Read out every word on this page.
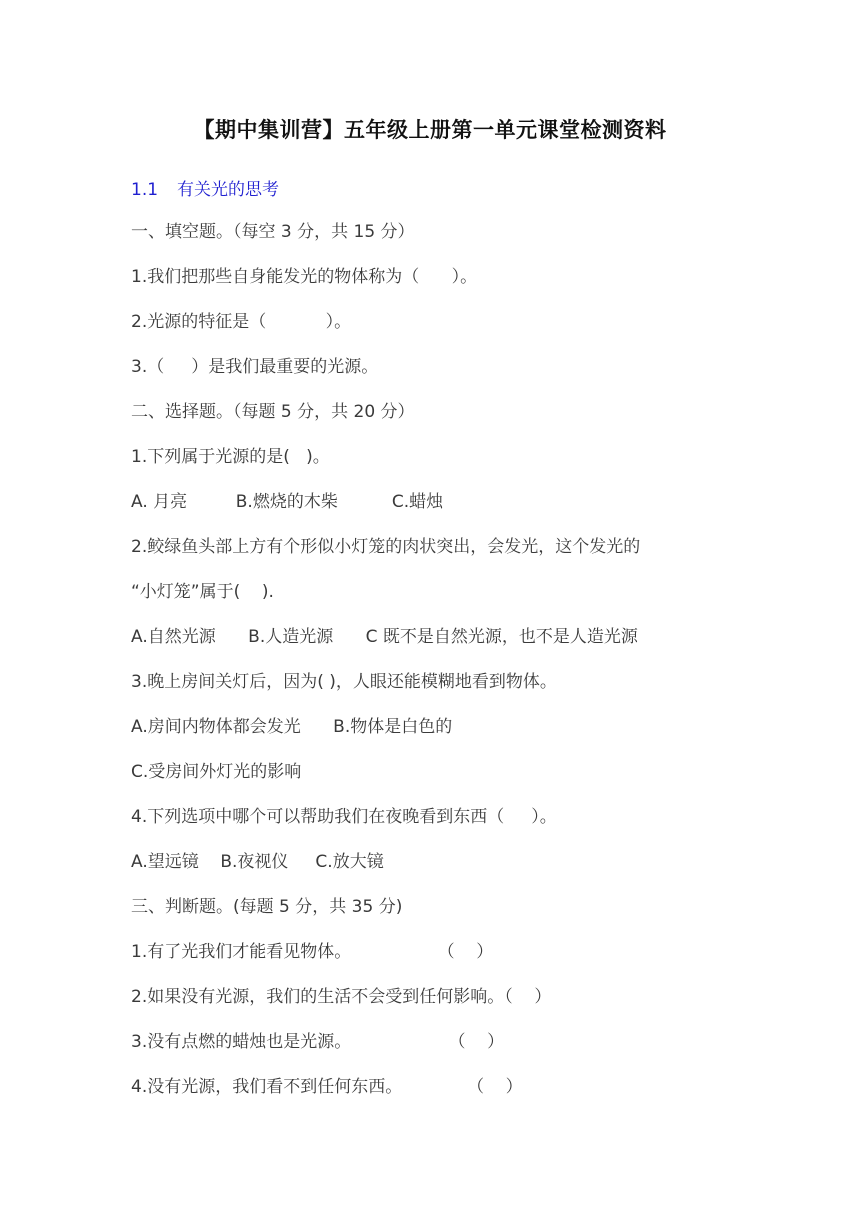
【期中集训营】五年级上册第一单元课堂检测资料
1.1 有关光的思考
一、填空题。（每空 3 分，共 15 分）
1.我们把那些自身能发光的物体称为（      ）。
2.光源的特征是（           ）。
3.（     ）是我们最重要的光源。
二、选择题。（每题 5 分，共 20 分）
1.下列属于光源的是(   )。
A. 月亮         B.燃烧的木柴          C.蜡烛
2.鲛绿鱼头部上方有个形似小灯笼的肉状突出，会发光，这个发光的
“小灯笼”属于(    ).
A.自然光源      B.人造光源      C 既不是自然光源，也不是人造光源
3.晚上房间关灯后，因为( )，人眼还能模糊地看到物体。
A.房间内物体都会发光      B.物体是白色的
C.受房间外灯光的影响
4.下列选项中哪个可以帮助我们在夜晚看到东西（     ）。
A.望远镜    B.夜视仪     C.放大镜
三、判断题。(每题 5 分，共 35 分)
1.有了光我们才能看见物体。                （    ）
2.如果没有光源，我们的生活不会受到任何影响。（    ）
3.没有点燃的蜡烛也是光源。                  （    ）
4.没有光源，我们看不到任何东西。            （    ）
